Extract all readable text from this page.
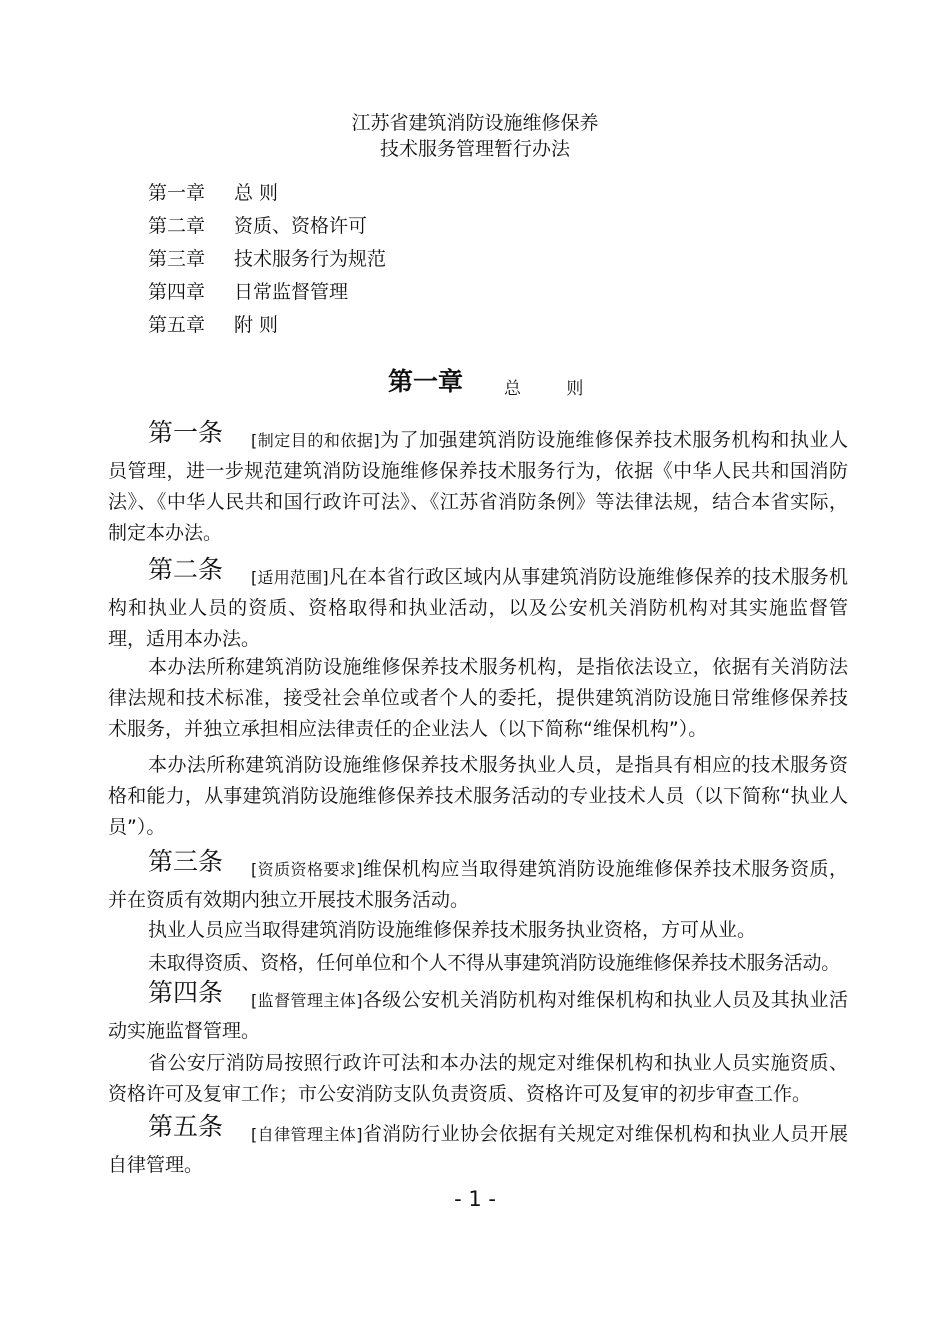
江苏省建筑消防设施维修保养
技术服务管理暂行办法
第一章 总 则
第二章 资质、资格许可
第三章 技术服务行为规范
第四章 日常监督管理
第五章 附 则
第一章 总 则
第一条 [制定目的和依据]为了加强建筑消防设施维修保养技术服务机构和执业人员管理，进一步规范建筑消防设施维修保养技术服务行为，依据《中华人民共和国消防法》、《中华人民共和国行政许可法》、《江苏省消防条例》等法律法规，结合本省实际，制定本办法。
第二条 [适用范围]凡在本省行政区域内从事建筑消防设施维修保养的技术服务机构和执业人员的资质、资格取得和执业活动，以及公安机关消防机构对其实施监督管理，适用本办法。
本办法所称建筑消防设施维修保养技术服务机构，是指依法设立，依据有关消防法律法规和技术标准，接受社会单位或者个人的委托，提供建筑消防设施日常维修保养技术服务，并独立承担相应法律责任的企业法人（以下简称“维保机构”）。
本办法所称建筑消防设施维修保养技术服务执业人员，是指具有相应的技术服务资格和能力，从事建筑消防设施维修保养技术服务活动的专业技术人员（以下简称“执业人员”）。
第三条 [资质资格要求]维保机构应当取得建筑消防设施维修保养技术服务资质，并在资质有效期内独立开展技术服务活动。
执业人员应当取得建筑消防设施维修保养技术服务执业资格，方可从业。
未取得资质、资格，任何单位和个人不得从事建筑消防设施维修保养技术服务活动。
第四条 [监督管理主体]各级公安机关消防机构对维保机构和执业人员及其执业活动实施监督管理。
省公安厅消防局按照行政许可法和本办法的规定对维保机构和执业人员实施资质、资格许可及复审工作；市公安消防支队负责资质、资格许可及复审的初步审查工作。
第五条 [自律管理主体]省消防行业协会依据有关规定对维保机构和执业人员开展自律管理。
- 1 -
